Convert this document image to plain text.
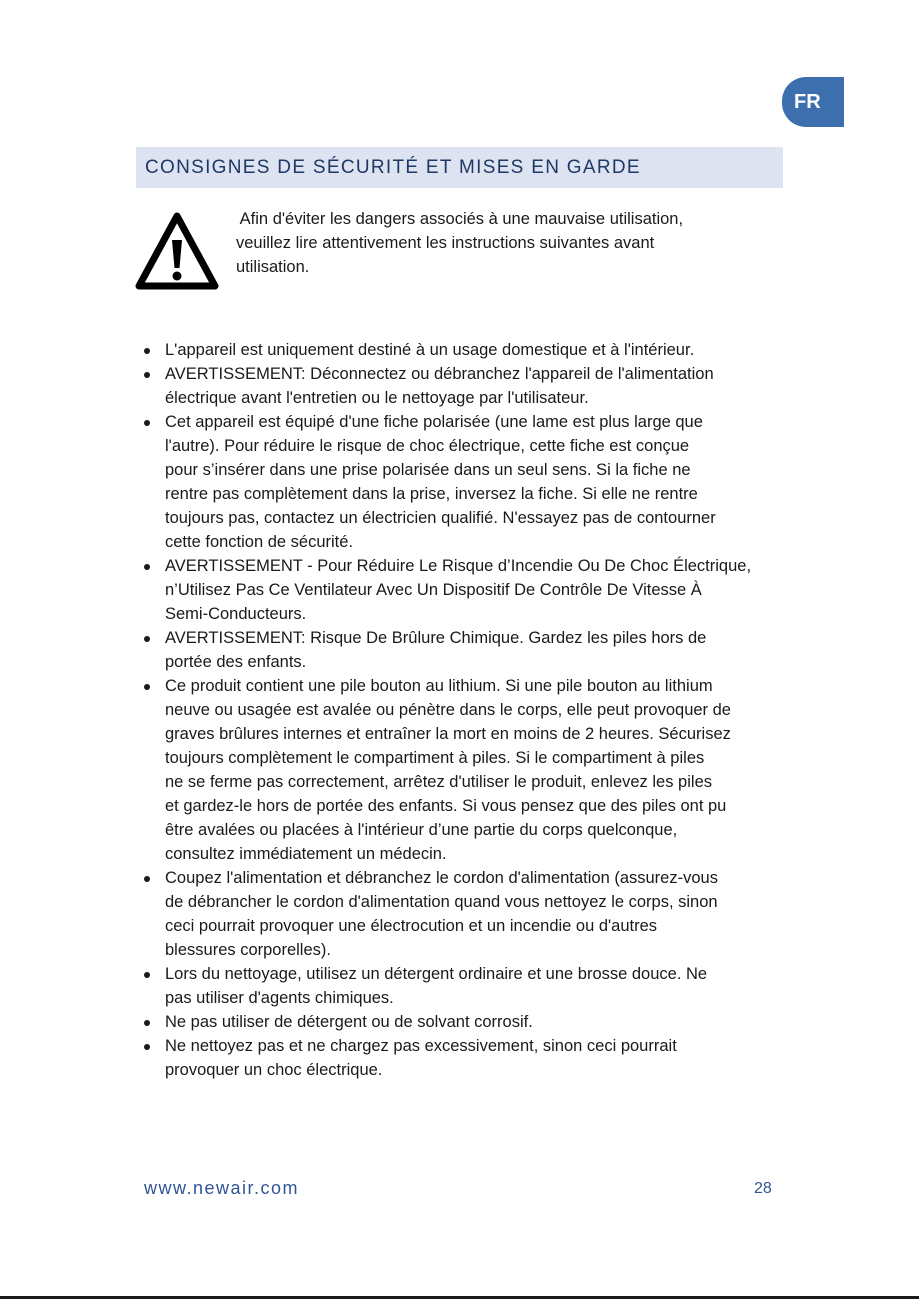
FR
CONSIGNES DE SÉCURITÉ ET MISES EN GARDE

Afin d'éviter les dangers associés à une mauvaise utilisation,
veuillez lire attentivement les instructions suivantes avant
utilisation.

L'appareil est uniquement destiné à un usage domestique et à l'intérieur.
AVERTISSEMENT: Déconnectez ou débranchez l'appareil de l'alimentation
électrique avant l'entretien ou le nettoyage par l'utilisateur.
Cet appareil est équipé d'une fiche polarisée (une lame est plus large que
l'autre). Pour réduire le risque de choc électrique, cette fiche est conçue
pour s’insérer dans une prise polarisée dans un seul sens. Si la fiche ne
rentre pas complètement dans la prise, inversez la fiche. Si elle ne rentre
toujours pas, contactez un électricien qualifié. N'essayez pas de contourner
cette fonction de sécurité.
AVERTISSEMENT - Pour Réduire Le Risque d’Incendie Ou De Choc Électrique,
n’Utilisez Pas Ce Ventilateur Avec Un Dispositif De Contrôle De Vitesse À
Semi-Conducteurs.
AVERTISSEMENT: Risque De Brûlure Chimique. Gardez les piles hors de
portée des enfants.
Ce produit contient une pile bouton au lithium. Si une pile bouton au lithium
neuve ou usagée est avalée ou pénètre dans le corps, elle peut provoquer de
graves brûlures internes et entraîner la mort en moins de 2 heures. Sécurisez
toujours complètement le compartiment à piles. Si le compartiment à piles
ne se ferme pas correctement, arrêtez d'utiliser le produit, enlevez les piles
et gardez-le hors de portée des enfants. Si vous pensez que des piles ont pu
être avalées ou placées à l'intérieur d’une partie du corps quelconque,
consultez immédiatement un médecin.
Coupez l'alimentation et débranchez le cordon d'alimentation (assurez-vous
de débrancher le cordon d'alimentation quand vous nettoyez le corps, sinon
ceci pourrait provoquer une électrocution et un incendie ou d'autres
blessures corporelles).
Lors du nettoyage, utilisez un détergent ordinaire et une brosse douce. Ne
pas utiliser d'agents chimiques.
Ne pas utiliser de détergent ou de solvant corrosif.
Ne nettoyez pas et ne chargez pas excessivement, sinon ceci pourrait
provoquer un choc électrique.
www.newair.com	28
